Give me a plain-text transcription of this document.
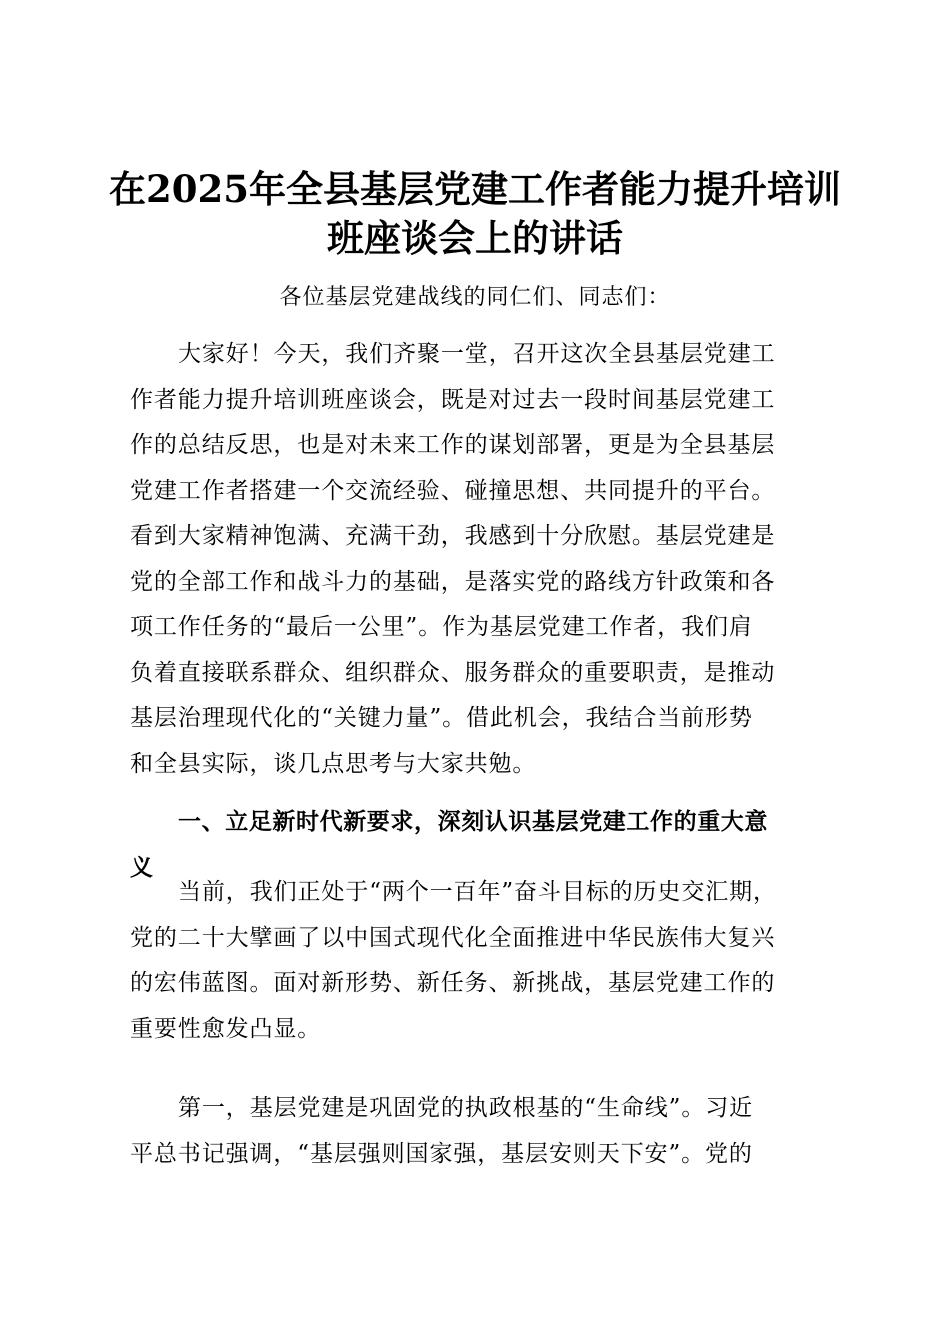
在2025年全县基层党建工作者能力提升培训
班座谈会上的讲话
各位基层党建战线的同仁们、同志们：
大家好！今天，我们齐聚一堂，召开这次全县基层党建工
作者能力提升培训班座谈会，既是对过去一段时间基层党建工
作的总结反思，也是对未来工作的谋划部署，更是为全县基层
党建工作者搭建一个交流经验、碰撞思想、共同提升的平台。
看到大家精神饱满、充满干劲，我感到十分欣慰。基层党建是
党的全部工作和战斗力的基础，是落实党的路线方针政策和各
项工作任务的“最后一公里”。作为基层党建工作者，我们肩
负着直接联系群众、组织群众、服务群众的重要职责，是推动
基层治理现代化的“关键力量”。借此机会，我结合当前形势
和全县实际，谈几点思考与大家共勉。
一、立足新时代新要求，深刻认识基层党建工作的重大意
义
当前，我们正处于“两个一百年”奋斗目标的历史交汇期，
党的二十大擘画了以中国式现代化全面推进中华民族伟大复兴
的宏伟蓝图。面对新形势、新任务、新挑战，基层党建工作的
重要性愈发凸显。
第一，基层党建是巩固党的执政根基的“生命线”。习近
平总书记强调，“基层强则国家强，基层安则天下安”。党的
